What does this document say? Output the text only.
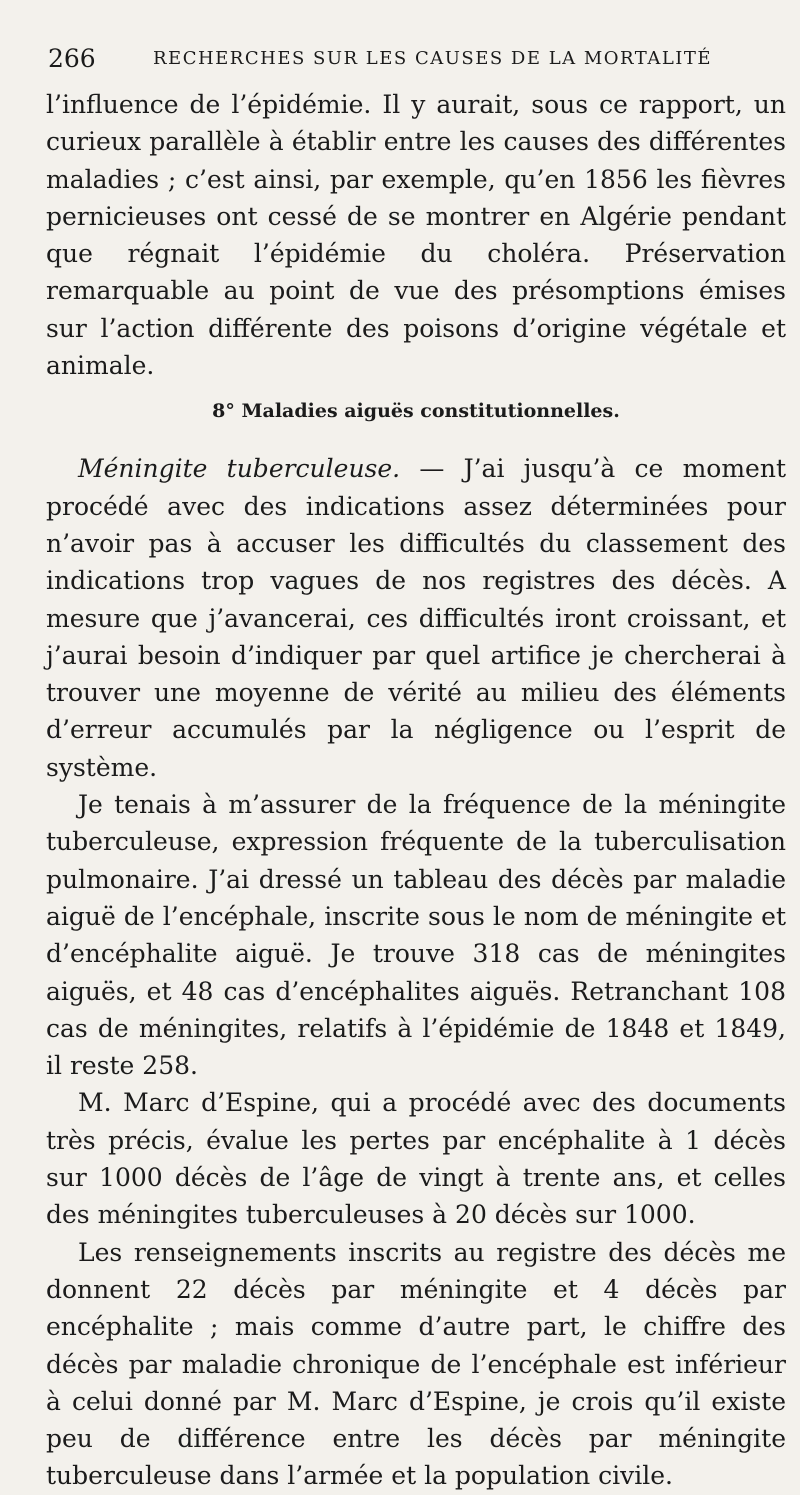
266	RECHERCHES SUR LES CAUSES DE LA MORTALITÉ

l’influence de l’épidémie. Il y aurait, sous ce rapport, un curieux parallèle à établir entre les causes des différentes maladies ; c’est ainsi, par exemple, qu’en 1856 les fièvres pernicieuses ont cessé de se montrer en Algérie pendant que régnait l’épidémie du choléra. Préservation remarquable au point de vue des présomptions émises sur l’action différente des poisons d’origine végétale et animale.

8° Maladies aiguës constitutionnelles.

Méningite tuberculeuse. — J’ai jusqu’à ce moment procédé avec des indications assez déterminées pour n’avoir pas à accuser les difficultés du classement des indications trop vagues de nos registres des décès. A mesure que j’avancerai, ces difficultés iront croissant, et j’aurai besoin d’indiquer par quel artifice je chercherai à trouver une moyenne de vérité au milieu des éléments d’erreur accumulés par la négligence ou l’esprit de système.

Je tenais à m’assurer de la fréquence de la méningite tuberculeuse, expression fréquente de la tuberculisation pulmonaire. J’ai dressé un tableau des décès par maladie aiguë de l’encéphale, inscrite sous le nom de méningite et d’encéphalite aiguë. Je trouve 318 cas de méningites aiguës, et 48 cas d’encéphalites aiguës. Retranchant 108 cas de méningites, relatifs à l’épidémie de 1848 et 1849, il reste 258.

M. Marc d’Espine, qui a procédé avec des documents très précis, évalue les pertes par encéphalite à 1 décès sur 1000 décès de l’âge de vingt à trente ans, et celles des méningites tuberculeuses à 20 décès sur 1000.

Les renseignements inscrits au registre des décès me donnent 22 décès par méningite et 4 décès par encéphalite ; mais comme d’autre part, le chiffre des décès par maladie chronique de l’encéphale est inférieur à celui donné par M. Marc d’Espine, je crois qu’il existe peu de différence entre les décès par méningite tuberculeuse dans l’armée et la population civile.
